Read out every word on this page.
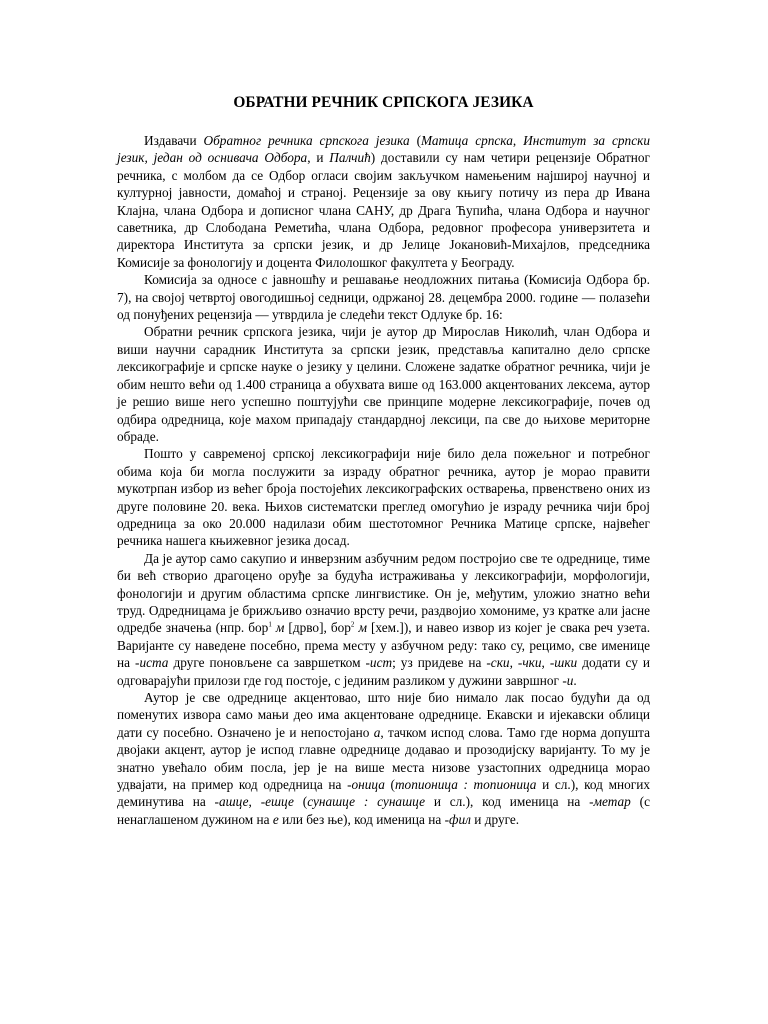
ОБРАТНИ РЕЧНИК СРПСКОГА ЈЕЗИКА

Издавачи Обратног речника српскога језика (Матица српска, Институт за српски језик, један од оснивача Одбора, и Палчић) доставили су нам четири рецензије Обратног речника, с молбом да се Одбор огласи својим закључком намењеним најширој научној и културној јавности, домаћој и страној. Рецензије за ову књигу потичу из пера др Ивана Клајна, члана Одбора и дописног члана САНУ, др Драга Ћупића, члана Одбора и научног саветника, др Слободана Реметића, члана Одбора, редовног професора универзитета и директора Института за српски језик, и др Јелице Јокановић-Михајлов, председника Комисије за фонологију и доцента Филолошког факултета у Београду.

Комисија за односе с јавношћу и решавање неодложних питања (Комисија Одбора бр. 7), на својој четвртој овогодишњој седници, одржаној 28. децембра 2000. године — полазећи од понуђених рецензија — утврдила је следећи текст Одлуке бр. 16:

Обратни речник српскога језика, чији је аутор др Мирослав Николић, члан Одбора и виши научни сарадник Института за српски језик, представља капитално дело српске лексикографије и српске науке о језику у целини. Сложене задатке обратног речника, чији је обим нешто већи од 1.400 страница а обухвата више од 163.000 акцентованих лексема, аутор је решио више него успешно поштујући све принципе модерне лексикографије, почев од одбира одредница, које махом припадају стандардној лексици, па све до њихове мериторне обраде.

Пошто у савременој српској лексикографији није било дела пожељног и потребног обима која би могла послужити за израду обратног речника, аутор је морао правити мукотрпан избор из већег броја постојећих лексикографских остварења, првенствено оних из друге половине 20. века. Њихов систематски преглед омогућио је израду речника чији број одредница за око 20.000 надилази обим шестотомног Речника Матице српске, највећег речника нашега књижевног језика досад.

Да је аутор само сакупио и инверзним азбучним редом постројио све те одреднице, тиме би већ створио драгоцено оруђе за будућа истраживања у лексикографији, морфологији, фонологији и другим областима српске лингвистике. Он је, међутим, уложио знатно већи труд. Одредницама је брижљиво означио врсту речи, раздвојио хомониме, уз кратке али јасне одредбе значења (нпр. бор$^1$ м [дрво], бор$^2$ м [хем.]), и навео извор из којег је свака реч узета. Варијанте су наведене посебно, према месту у азбучном реду: тако су, рецимо, све именице на -иста друге поновљене са завршетком -ист; уз придеве на -ски, -чки, -шки додати су и одговарајући прилози где год постоје, с јединим разликом у дужини завршног -и.

Аутор је све одреднице акцентовао, што није био нимало лак посао будући да од поменутих извора само мањи део има акцентоване одреднице. Екавски и ијекавски облици дати су посебно. Означено је и непостојано а, тачком испод слова. Тамо где норма допушта двојаки акцент, аутор је испод главне одреднице додавао и прозодијску варијанту. То му је знатно увећало обим посла, јер је на више места низове узастопних одредница морао удвајати, на пример код одредница на -оница (топионица : топионица и сл.), код многих деминутива на -ашце, -ешце (сунашце : сунашце и сл.), код именица на -метар (с ненаглашеном дужином на е или без ње), код именица на -фил и друге.
